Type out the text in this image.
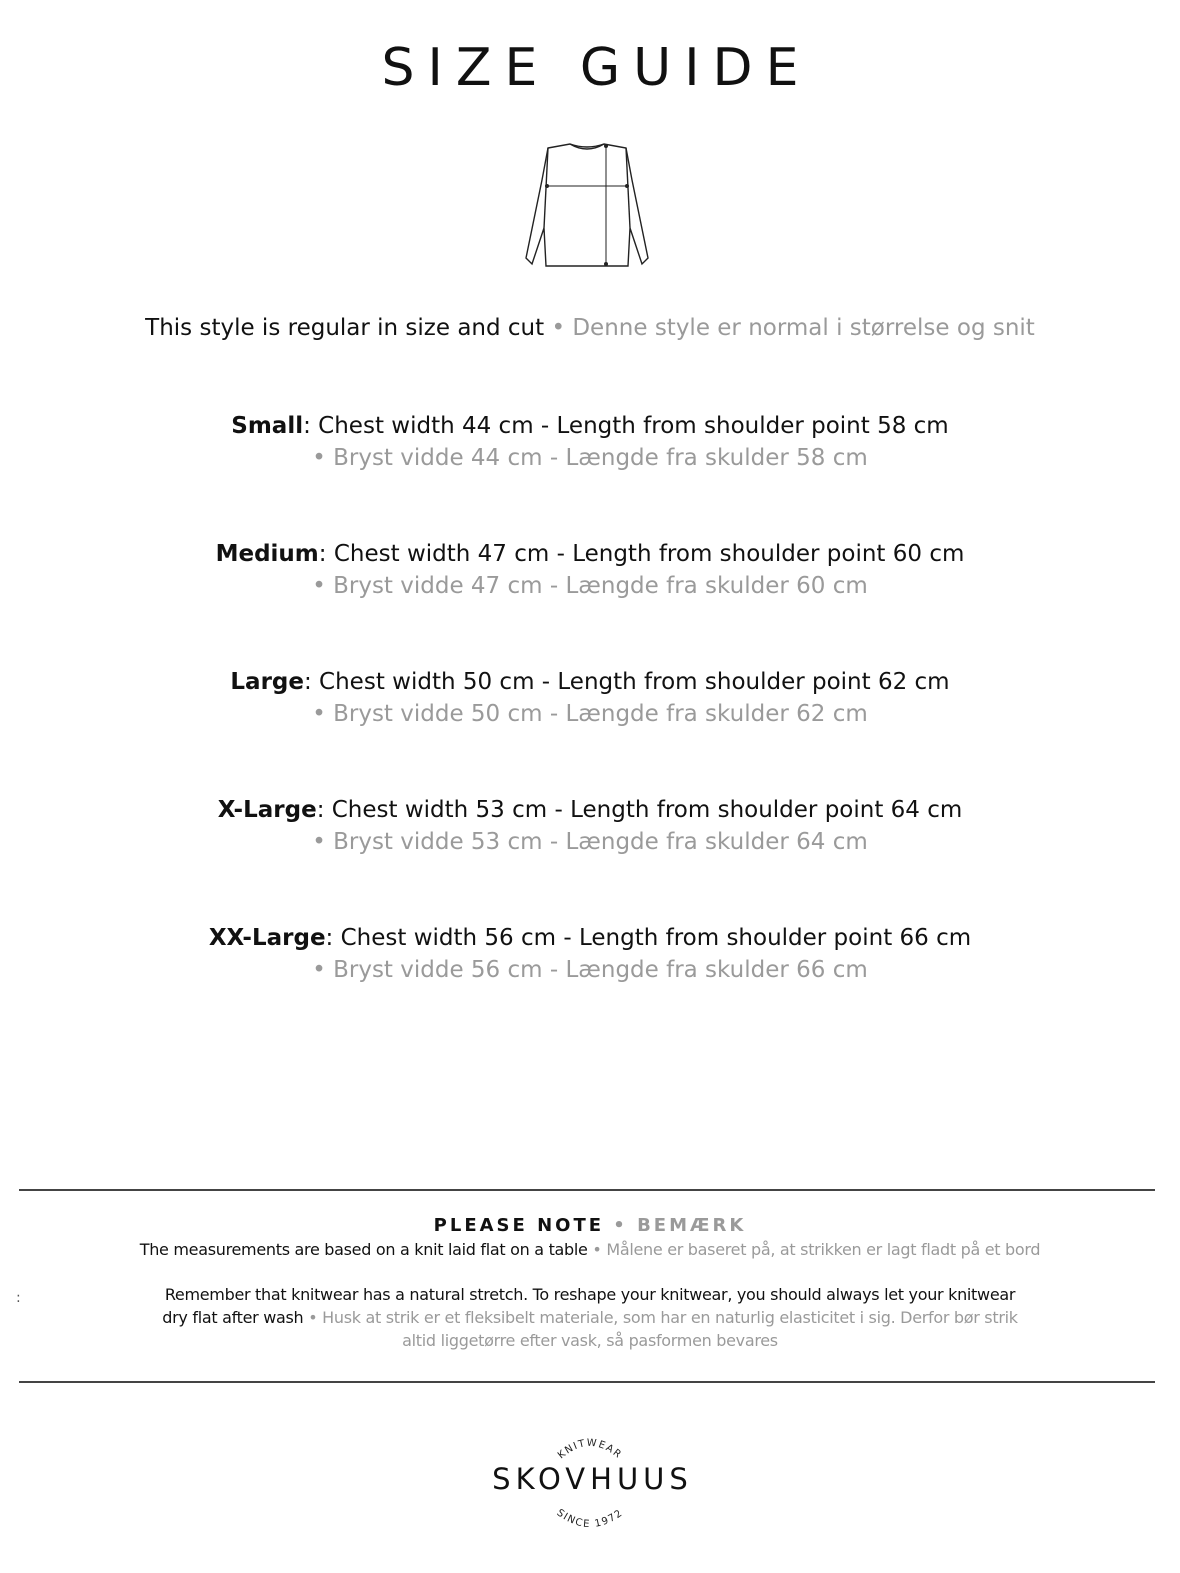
SIZE GUIDE

This style is regular in size and cut • Denne style er normal i størrelse og snit

Small: Chest width 44 cm - Length from shoulder point 58 cm

• Bryst vidde 44 cm - Længde fra skulder 58 cm

Medium: Chest width 47 cm - Length from shoulder point 60 cm

• Bryst vidde 47 cm - Længde fra skulder 60 cm

Large: Chest width 50 cm - Length from shoulder point 62 cm

• Bryst vidde 50 cm - Længde fra skulder 62 cm

X-Large: Chest width 53 cm - Length from shoulder point 64 cm

• Bryst vidde 53 cm - Længde fra skulder 64 cm

XX-Large: Chest width 56 cm - Length from shoulder point 66 cm

• Bryst vidde 56 cm - Længde fra skulder 66 cm

PLEASE NOTE • BEMÆRK

The measurements are based on a knit laid flat on a table • Målene er baseret på, at strikken er lagt fladt på et bord

:	Remember that knitwear has a natural stretch. To reshape your knitwear, you should always let your knitwear dry flat after wash • Husk at strik er et fleksibelt materiale, som har en naturlig elasticitet i sig. Derfor bør strik altid liggetørre efter vask, så pasformen bevares

KNITWEAR
SINCE 1972

SKOVHUUS
